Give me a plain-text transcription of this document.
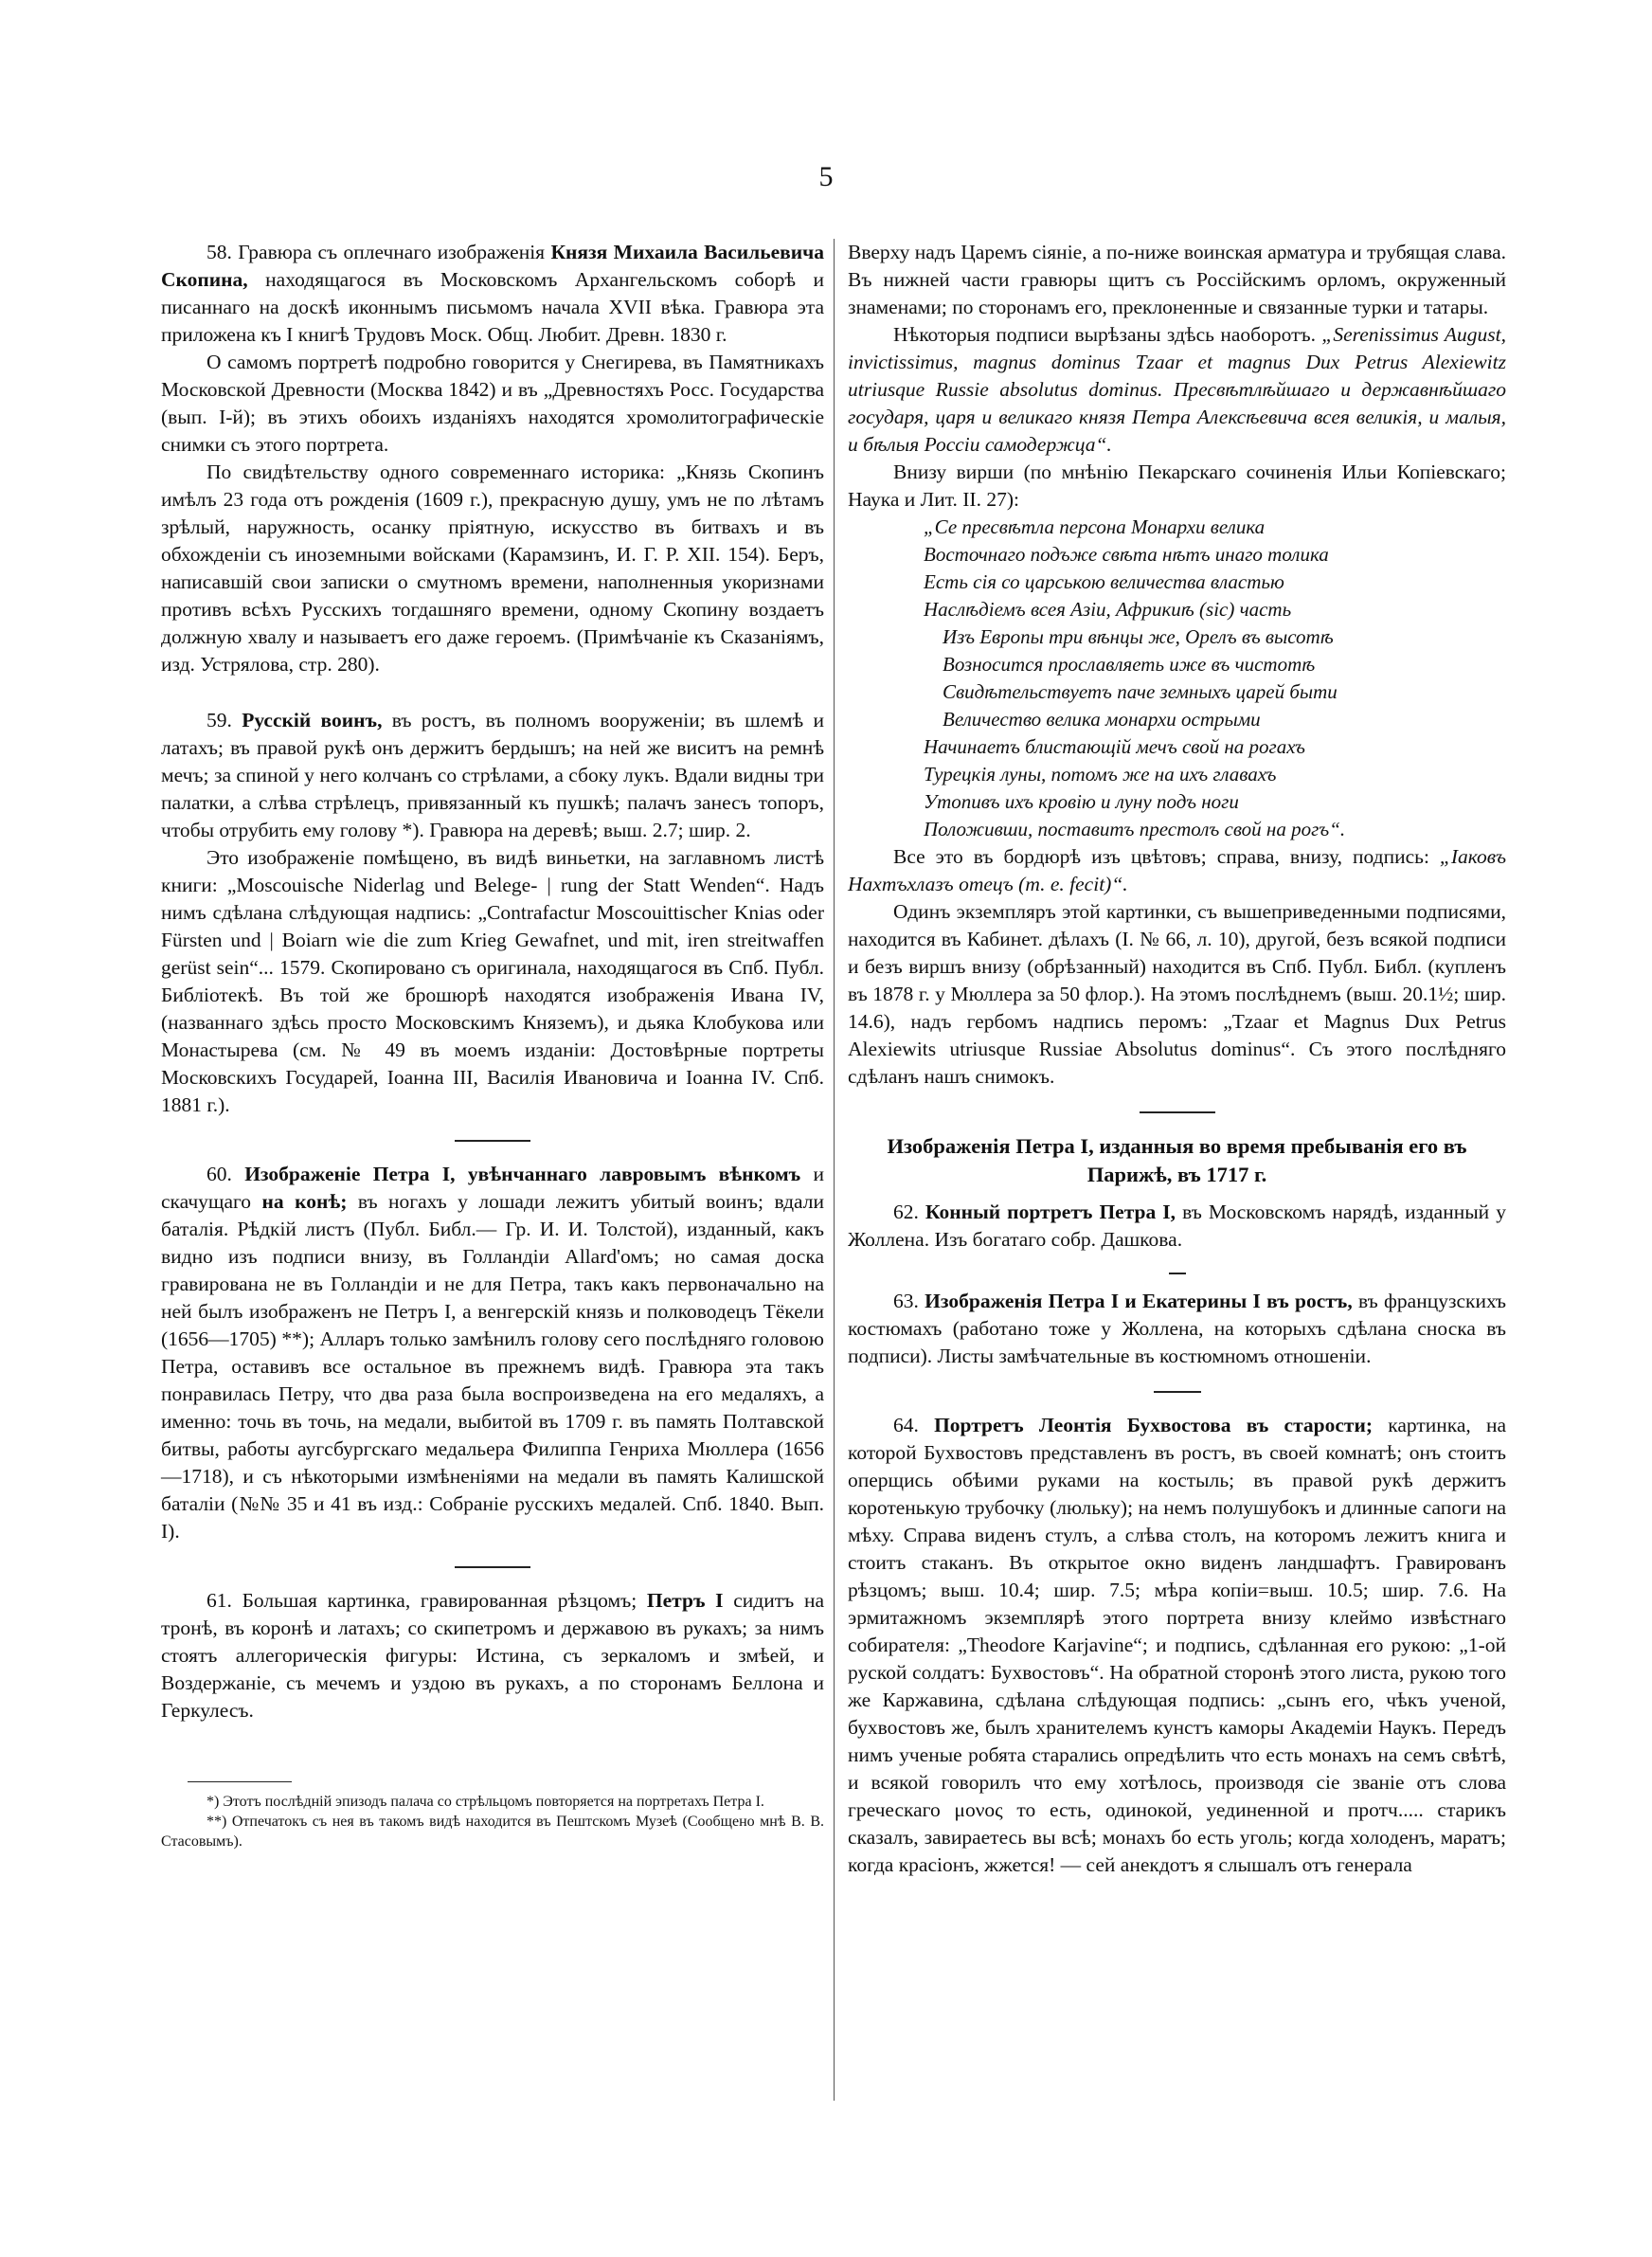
5

58. Гравюра съ оплечнаго изображенія Князя Михаила Васильевича Скопина, находящагося въ Московскомъ Архангельскомъ соборѣ и писаннаго на доскѣ иконнымъ письмомъ начала XVII вѣка. Гравюра эта приложена къ I книгѣ Трудовъ Моск. Общ. Любит. Древн. 1830 г.

О самомъ портретѣ подробно говорится у Снегирева, въ Памятникахъ Московской Древности (Москва 1842) и въ „Древностяхъ Росс. Государства (вып. I-й); въ этихъ обоихъ изданіяхъ находятся хромолитографическіе снимки съ этого портрета.

По свидѣтельству одного современнаго историка: „Князь Скопинъ имѣлъ 23 года отъ рожденія (1609 г.), прекрасную душу, умъ не по лѣтамъ зрѣлый, наружность, осанку пріятную, искусство въ битвахъ и въ обхожденіи съ иноземными войсками (Карамзинъ, И. Г. Р. XII. 154). Беръ, написавшій свои записки о смутномъ времени, наполненныя укоризнами противъ всѣхъ Русскихъ тогдашняго времени, одному Скопину воздаетъ должную хвалу и называетъ его даже героемъ. (Примѣчаніе къ Сказаніямъ, изд. Устрялова, стр. 280).

59. Русскій воинъ, въ ростъ, въ полномъ вооруженіи; въ шлемѣ и латахъ; въ правой рукѣ онъ держитъ бердышъ; на ней же виситъ на ремнѣ мечъ; за спиной у него колчанъ со стрѣлами, а сбоку лукъ. Вдали видны три палатки, а слѣва стрѣлецъ, привязанный къ пушкѣ; палачъ занесъ топоръ, чтобы отрубить ему голову *). Гравюра на деревѣ; выш. 2.7; шир. 2.

Это изображеніе помѣщено, въ видѣ виньетки, на заглавномъ листѣ книги: „Moscouische Niderlag und Belege- | rung der Statt Wenden“. Надъ нимъ сдѣлана слѣдующая надпись: „Contrafactur Moscouittischer Knias oder Fürsten und | Boiarn wie die zum Krieg Gewafnet, und mit, iren streitwaffen gerüst sein“... 1579. Скопировано съ оригинала, находящагося въ Спб. Публ. Библіотекѣ. Въ той же брошюрѣ находятся изображенія Ивана IV, (названнаго здѣсь просто Московскимъ Княземъ), и дьяка Клобукова или Монастырева (см. № 49 въ моемъ изданіи: Достовѣрные портреты Московскихъ Государей, Іоанна III, Василія Ивановича и Іоанна IV. Спб. 1881 г.).

60. Изображеніе Петра I, увѣнчаннаго лавровымъ вѣнкомъ и скачущаго на конѣ; въ ногахъ у лошади лежитъ убитый воинъ; вдали баталія. Рѣдкій листъ (Публ. Библ.— Гр. И. И. Толстой), изданный, какъ видно изъ подписи внизу, въ Голландіи Allard'омъ; но самая доска гравирована не въ Голландіи и не для Петра, такъ какъ первоначально на ней былъ изображенъ не Петръ I, а венгерскій князь и полководецъ Тёкели (1656—1705) **); Алларъ только замѣнилъ голову сего послѣдняго головою Петра, оставивъ все остальное въ прежнемъ видѣ. Гравюра эта такъ понравилась Петру, что два раза была воспроизведена на его медаляхъ, а именно: точь въ точь, на медали, выбитой въ 1709 г. въ память Полтавской битвы, работы аугсбургскаго медальера Филиппа Генриха Мюллера (1656—1718), и съ нѣкоторыми измѣненіями на медали въ память Калишской баталіи (№№ 35 и 41 въ изд.: Собраніе русскихъ медалей. Спб. 1840. Вып. I).

61. Большая картинка, гравированная рѣзцомъ; Петръ I сидитъ на тронѣ, въ коронѣ и латахъ; со скипетромъ и державою въ рукахъ; за нимъ стоятъ аллегорическія фигуры: Истина, съ зеркаломъ и змѣей, и Воздержаніе, съ мечемъ и уздою въ рукахъ, а по сторонамъ Беллона и Геркулесъ.

*) Этотъ послѣдній эпизодъ палача со стрѣльцомъ повторяется на портретахъ Петра I.

**) Отпечатокъ съ нея въ такомъ видѣ находится въ Пештскомъ Музеѣ (Сообщено мнѣ В. В. Стасовымъ).

Вверху надъ Царемъ сіяніе, а по-ниже воинская арматура и трубящая слава. Въ нижней части гравюры щитъ съ Россійскимъ орломъ, окруженный знаменами; по сторонамъ его, преклоненные и связанные турки и татары.

Нѣкоторыя подписи вырѣзаны здѣсь наоборотъ. „Serenissimus August, invictissimus, magnus dominus Tzaar et magnus Dux Petrus Alexiewitz utriusque Russie absolutus dominus. Пресвѣтлѣйшаго и державнѣйшаго государя, царя и великаго князя Петра Алексѣевича всея великія, и малыя, и бѣлыя Россіи самодержца“.

Внизу вирши (по мнѣнію Пекарскаго сочиненія Ильи Копіевскаго; Наука и Лит. II. 27):

„Се пресвѣтла персона Монархи велика
Восточнаго подъже свѣта нѣтъ инаго толика
Есть сія со царською величества властью
Наслѣдіемъ всея Азіи, Африкиѣ (sic) часть
Изъ Европы три вѣнцы же, Орелъ въ высотѣ
Возносится прославляеть иже въ чистотѣ
Свидѣтельствуетъ паче земныхъ царей быти
Величество велика монархи острыми
Начинаетъ блистающій мечъ свой на рогахъ
Турецкія луны, потомъ же на ихъ главахъ
Утопивъ ихъ кровію и луну подъ ноги
Положивши, поставитъ престолъ свой на рогъ“.

Все это въ бордюрѣ изъ цвѣтовъ; справа, внизу, подпись: „Іаковъ Нахтъхлазъ отецъ (т. е. fecit)“.

Одинъ экземпляръ этой картинки, съ вышеприведенными подписями, находится въ Кабинет. дѣлахъ (I. № 66, л. 10), другой, безъ всякой подписи и безъ виршъ внизу (обрѣзанный) находится въ Спб. Публ. Библ. (купленъ въ 1878 г. у Мюллера за 50 флор.). На этомъ послѣднемъ (выш. 20.1½; шир. 14.6), надъ гербомъ надпись перомъ: „Tzaar et Magnus Dux Petrus Alexiewits utriusque Russiae Absolutus dominus“. Съ этого послѣдняго сдѣланъ нашъ снимокъ.

Изображенія Петра I, изданныя во время пребыванія его въ Парижѣ, въ 1717 г.

62. Конный портретъ Петра I, въ Московскомъ нарядѣ, изданный у Жоллена. Изъ богатаго собр. Дашкова.

63. Изображенія Петра I и Екатерины I въ ростъ, въ французскихъ костюмахъ (работано тоже у Жоллена, на которыхъ сдѣлана сноска въ подписи). Листы замѣчательные въ костюмномъ отношеніи.

64. Портретъ Леонтія Бухвостова въ старости; картинка, на которой Бухвостовъ представленъ въ ростъ, въ своей комнатѣ; онъ стоитъ оперщись обѣими руками на костыль; въ правой рукѣ держитъ коротенькую трубочку (люльку); на немъ полушубокъ и длинные сапоги на мѣху. Справа виденъ стулъ, а слѣва столъ, на которомъ лежитъ книга и стоитъ стаканъ. Въ открытое окно виденъ ландшафтъ. Гравированъ рѣзцомъ; выш. 10.4; шир. 7.5; мѣра копіи=выш. 10.5; шир. 7.6. На эрмитажномъ экземплярѣ этого портрета внизу клеймо извѣстнаго собирателя: „Theodore Karjavine“; и подпись, сдѣланная его рукою: „1-ой руской солдатъ: Бухвостовъ“. На обратной сторонѣ этого листа, рукою того же Каржавина, сдѣлана слѣдующая подпись: „сынъ его, чѣкъ ученой, бухвостовъ же, былъ хранителемъ кунстъ каморы Академіи Наукъ. Передъ нимъ ученые робята старались опредѣлить что есть монахъ на семъ свѣтѣ, и всякой говорилъ что ему хотѣлось, производя сіе званіе отъ слова греческаго μονος то есть, одинокой, уединенной и протч..... старикъ сказалъ, завираетесь вы всѣ; монахъ бо есть уголь; когда холоденъ, маратъ; когда красіонъ, жжется! — сей анекдотъ я слышалъ отъ генерала
